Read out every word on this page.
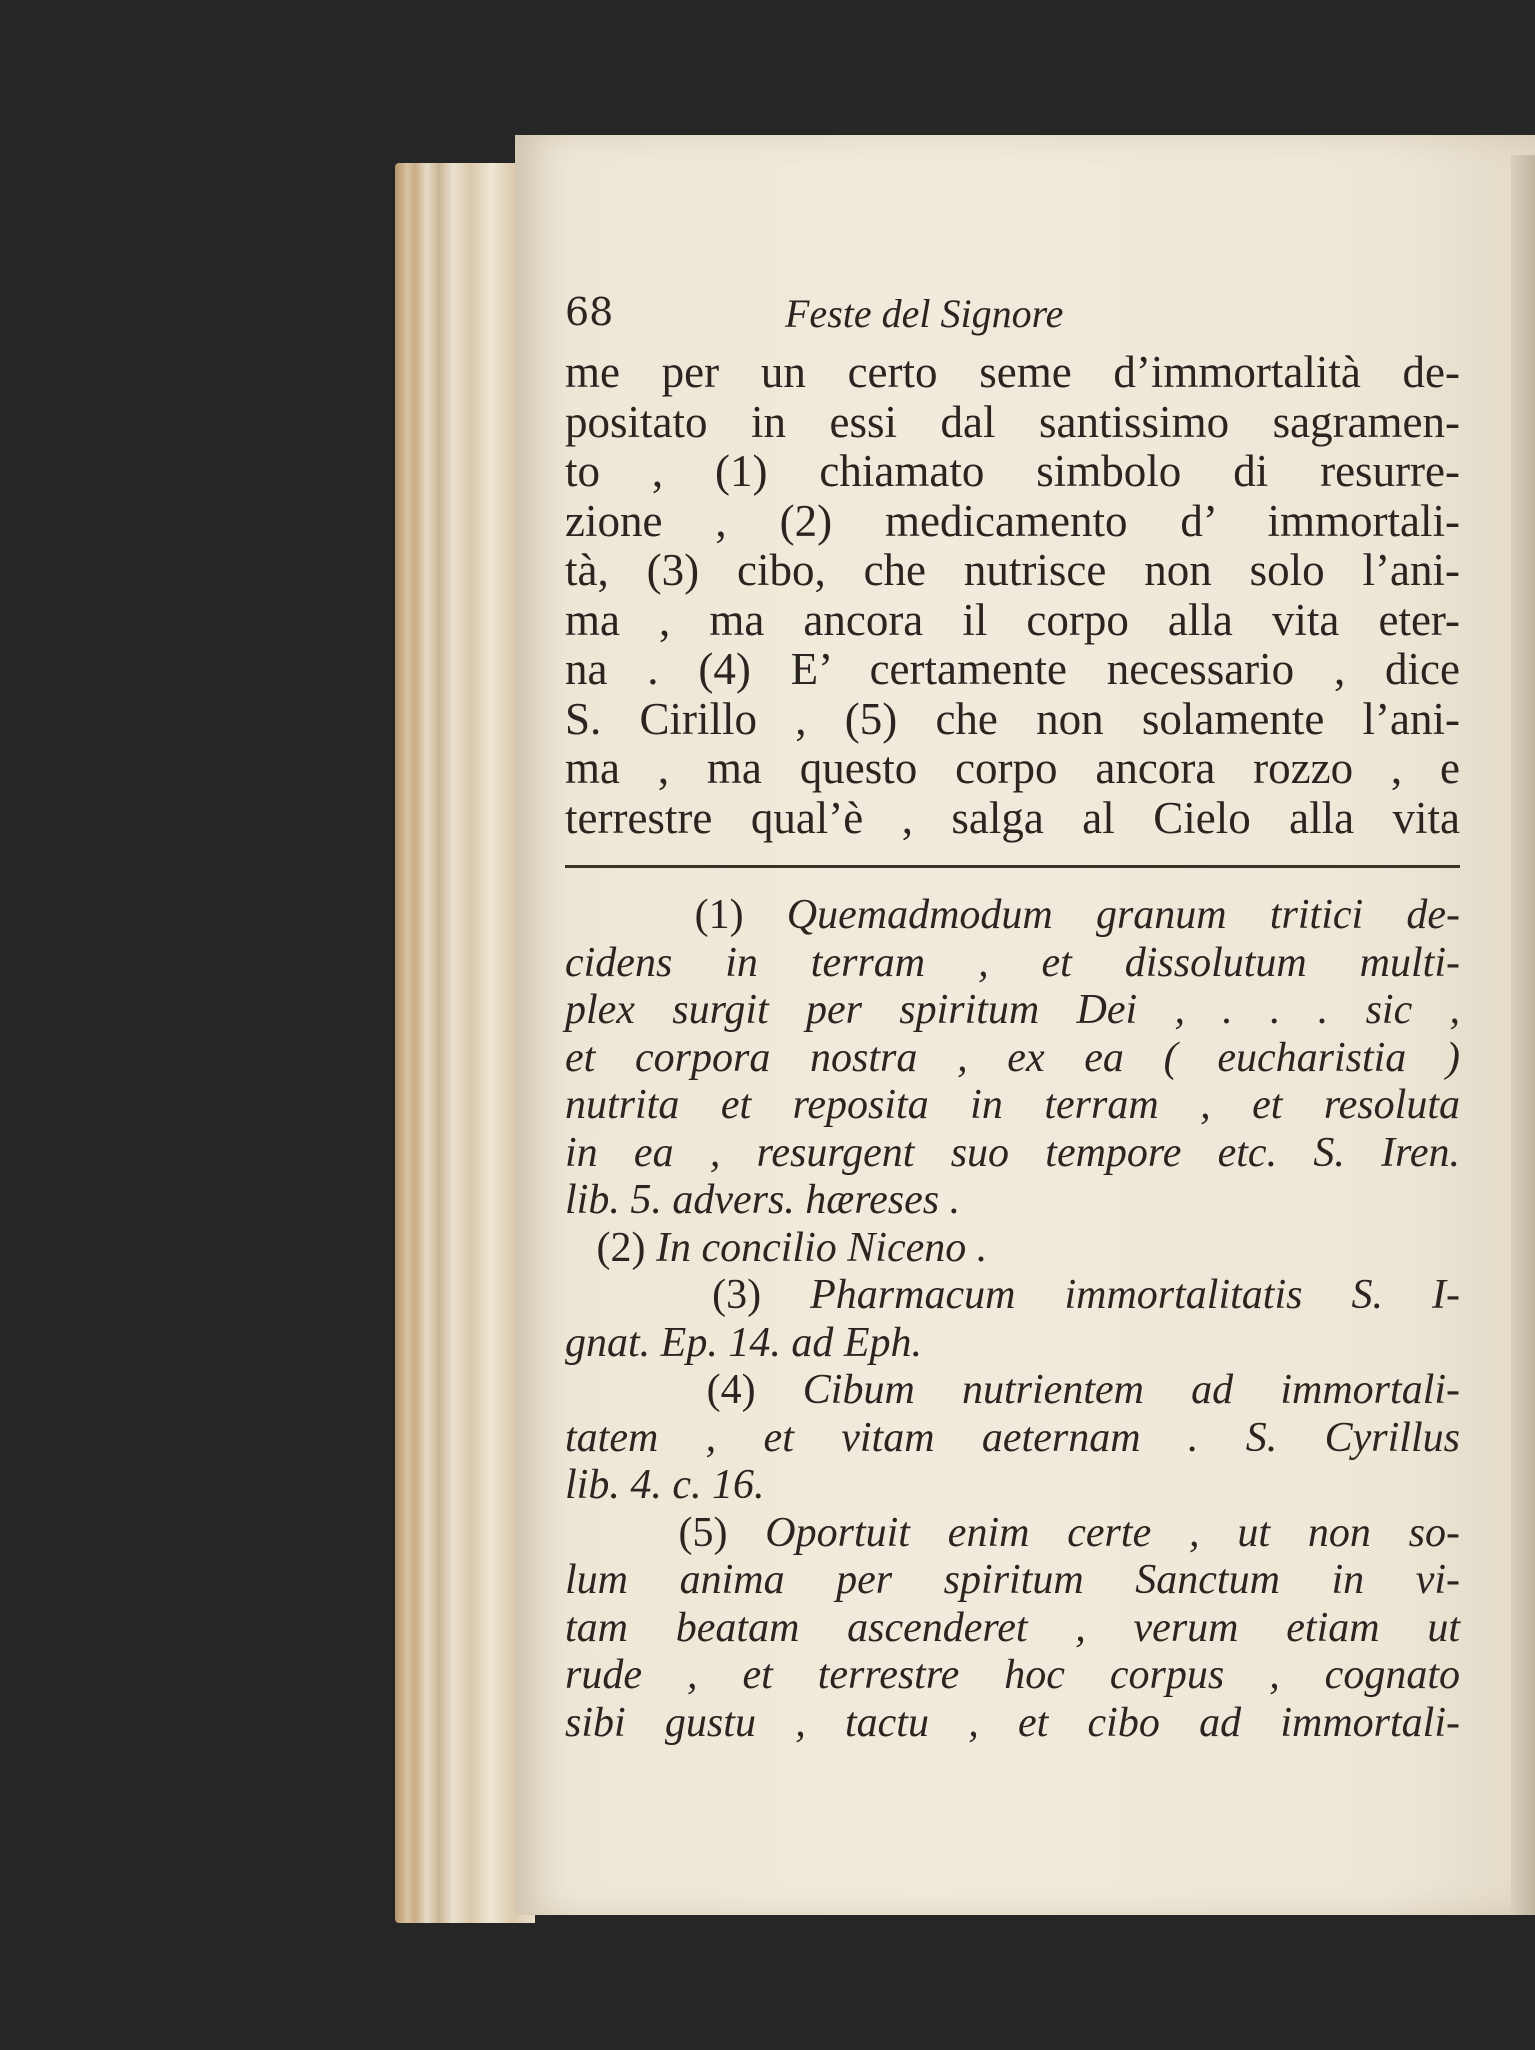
68	Feste del Signore
me per un certo seme d’immortalità de-
positato in essi dal santissimo sagramen-
to , (1) chiamato simbolo di resurre-
zione , (2) medicamento d’ immortali-
tà, (3) cibo, che nutrisce non solo l’ani-
ma , ma ancora il corpo alla vita eter-
na . (4) E’ certamente necessario , dice
S. Cirillo , (5) che non solamente l’ani-
ma , ma questo corpo ancora rozzo , e
terrestre qual’è , salga al Cielo alla vita
(1) Quemadmodum granum tritici de-
cidens in terram , et dissolutum multi-
plex surgit per spiritum Dei , . . . sic ,
et corpora nostra , ex ea ( eucharistia )
nutrita et reposita in terram , et resoluta
in ea , resurgent suo tempore etc. S. Iren.
lib. 5. advers. hæreses .
(2) In concilio Niceno .
(3) Pharmacum immortalitatis S. I-
gnat. Ep. 14. ad Eph.
(4) Cibum nutrientem ad immortali-
tatem , et vitam aeternam . S. Cyrillus
lib. 4. c. 16.
(5) Oportuit enim certe , ut non so-
lum anima per spiritum Sanctum in vi-
tam beatam ascenderet , verum etiam ut
rude , et terrestre hoc corpus , cognato
sibi gustu , tactu , et cibo ad immortali-
